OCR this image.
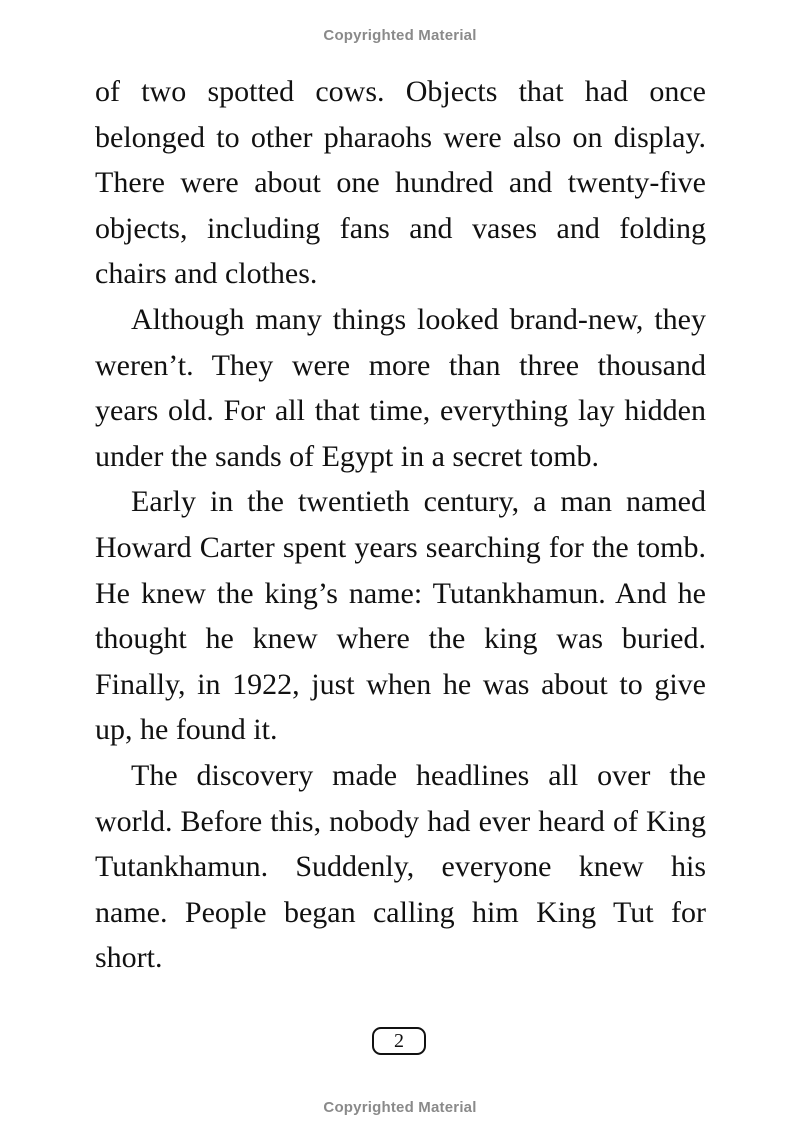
Copyrighted Material

of two spotted cows. Objects that had once belonged to other pharaohs were also on display. There were about one hundred and twenty-five objects, including fans and vases and folding chairs and clothes.

Although many things looked brand-new, they weren’t. They were more than three thousand years old. For all that time, everything lay hidden under the sands of Egypt in a secret tomb.

Early in the twentieth century, a man named Howard Carter spent years searching for the tomb. He knew the king’s name: Tutankhamun. And he thought he knew where the king was buried. Finally, in 1922, just when he was about to give up, he found it.

The discovery made headlines all over the world. Before this, nobody had ever heard of King Tutankhamun. Suddenly, everyone knew his name. People began calling him King Tut for short.

2
Copyrighted Material
